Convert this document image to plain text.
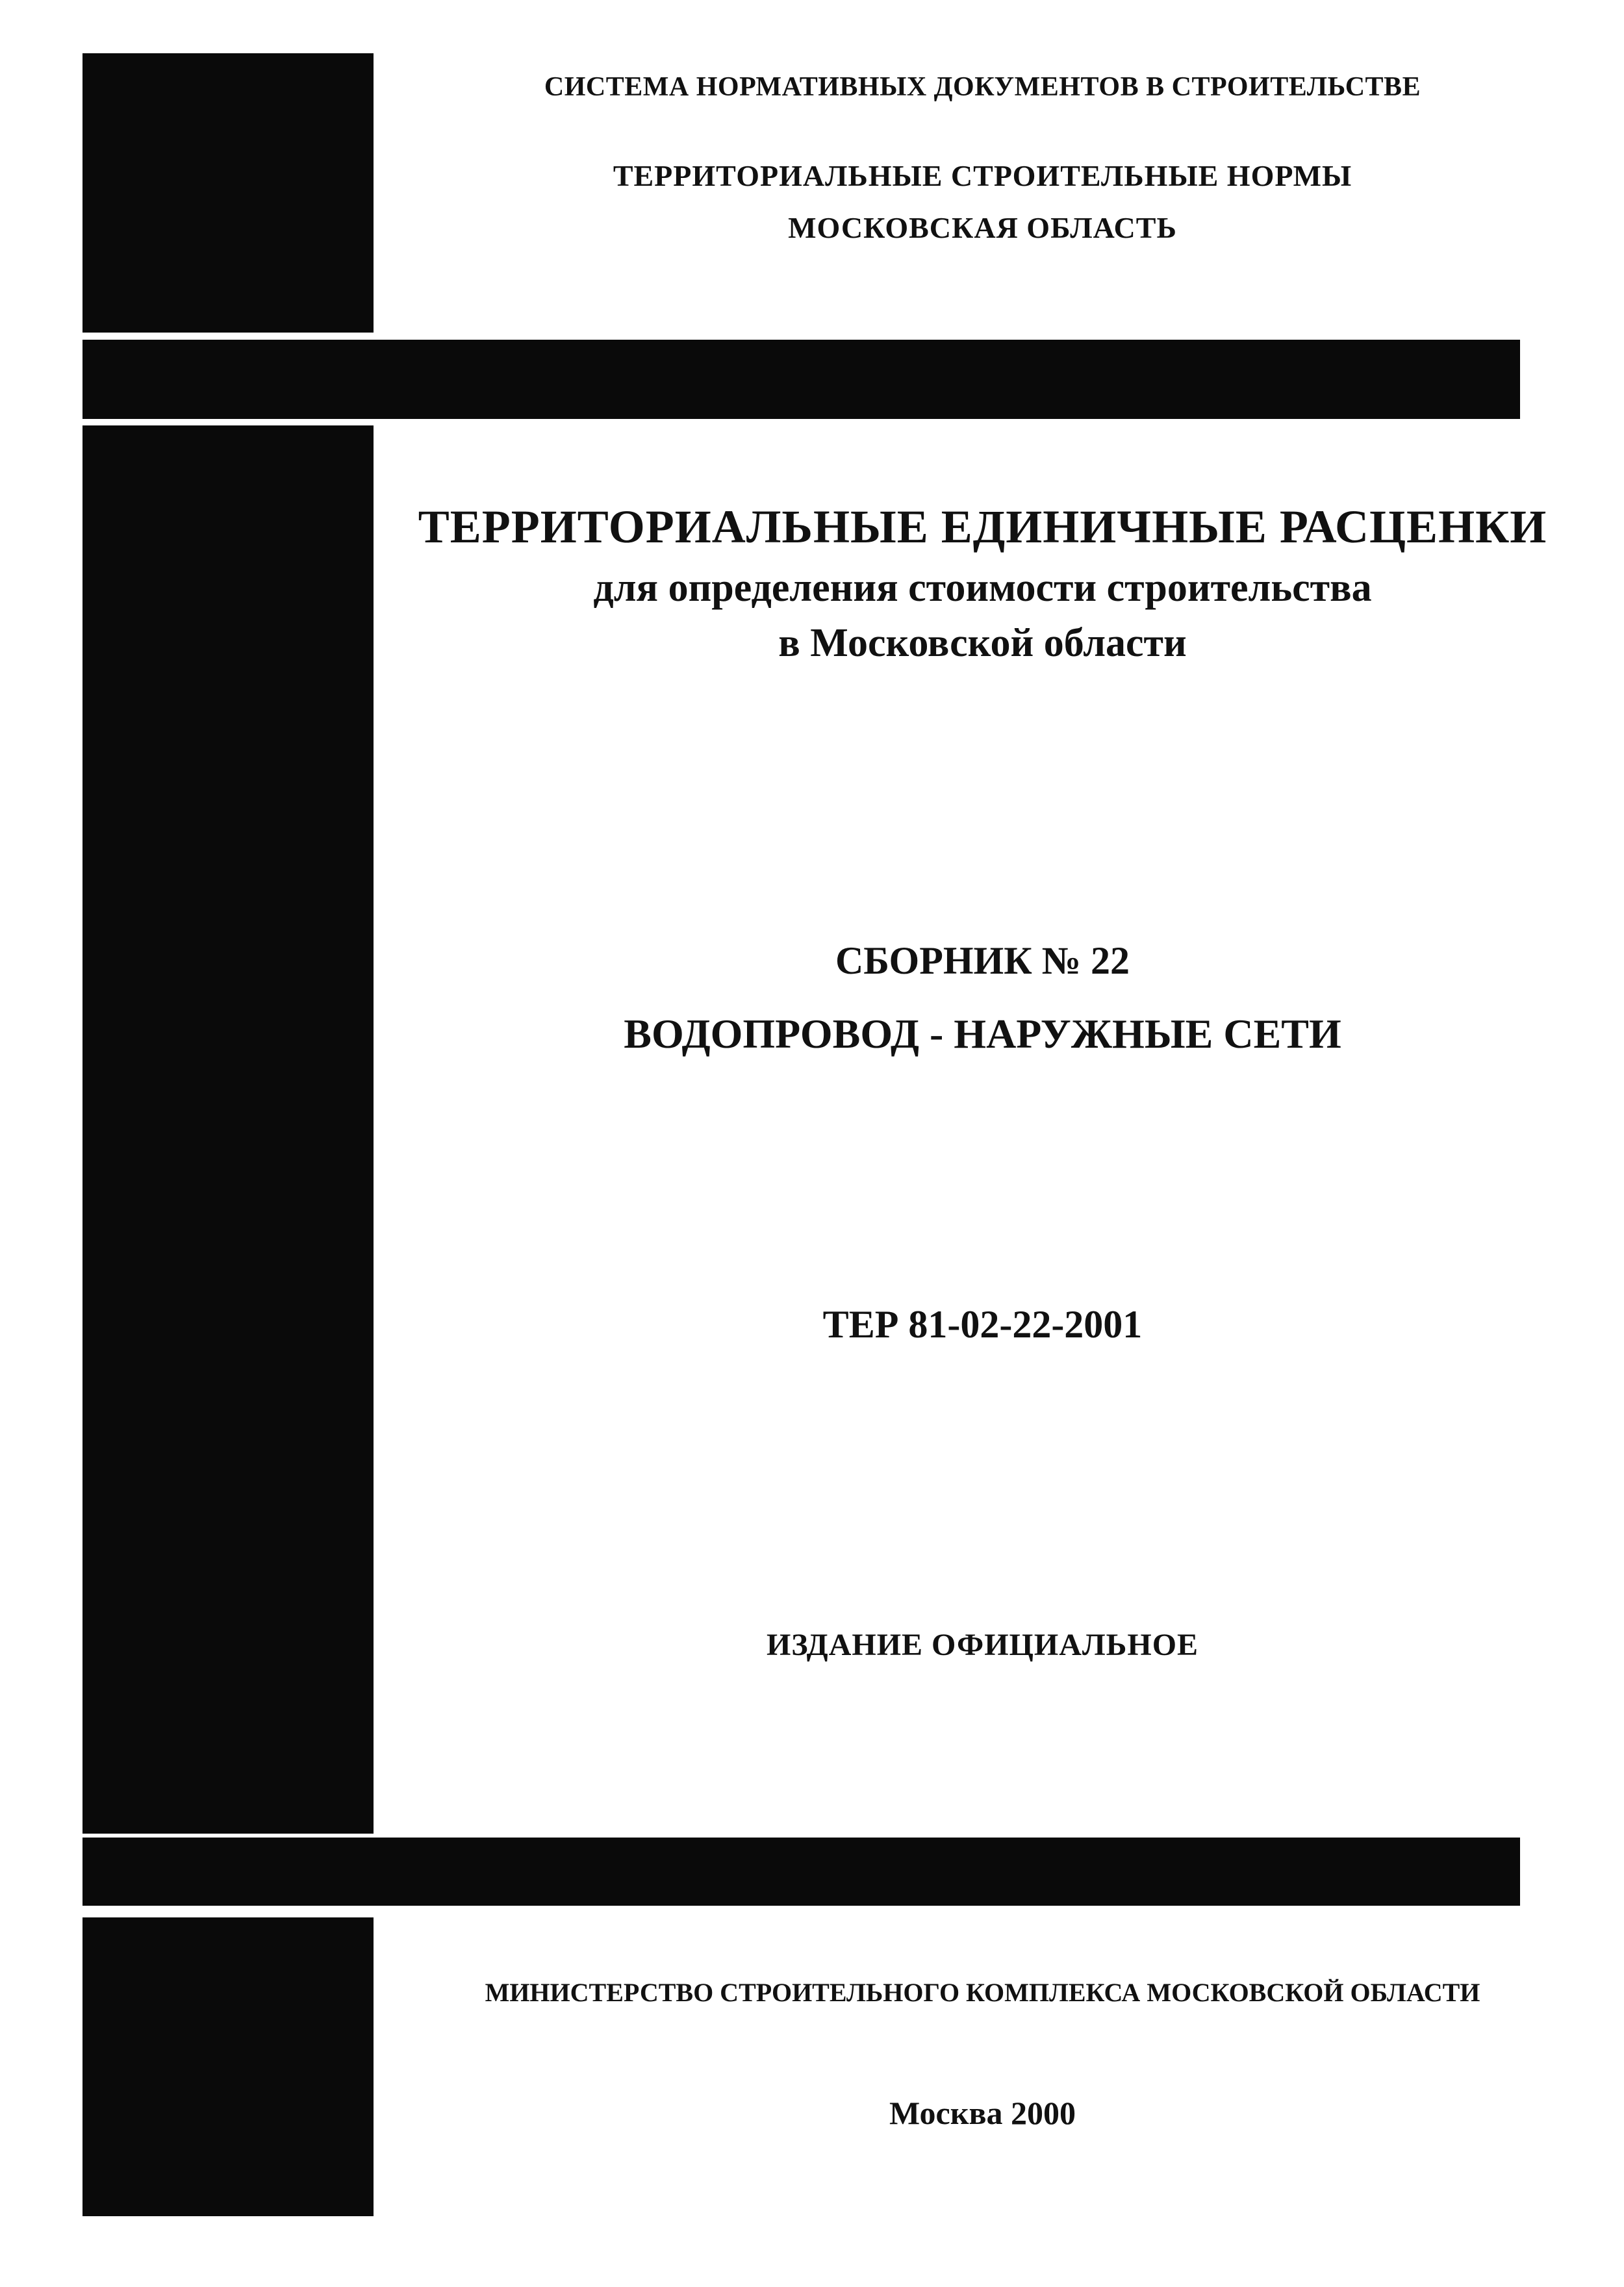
СИСТЕМА НОРМАТИВНЫХ ДОКУМЕНТОВ В СТРОИТЕЛЬСТВЕ
ТЕРРИТОРИАЛЬНЫЕ СТРОИТЕЛЬНЫЕ НОРМЫ
МОСКОВСКАЯ ОБЛАСТЬ
ТЕРРИТОРИАЛЬНЫЕ ЕДИНИЧНЫЕ РАСЦЕНКИ
для определения стоимости строительства
в Московской области
СБОРНИК № 22
ВОДОПРОВОД - НАРУЖНЫЕ СЕТИ
ТЕР 81-02-22-2001
ИЗДАНИЕ ОФИЦИАЛЬНОЕ
МИНИСТЕРСТВО СТРОИТЕЛЬНОГО КОМПЛЕКСА МОСКОВСКОЙ ОБЛАСТИ
Москва 2000
